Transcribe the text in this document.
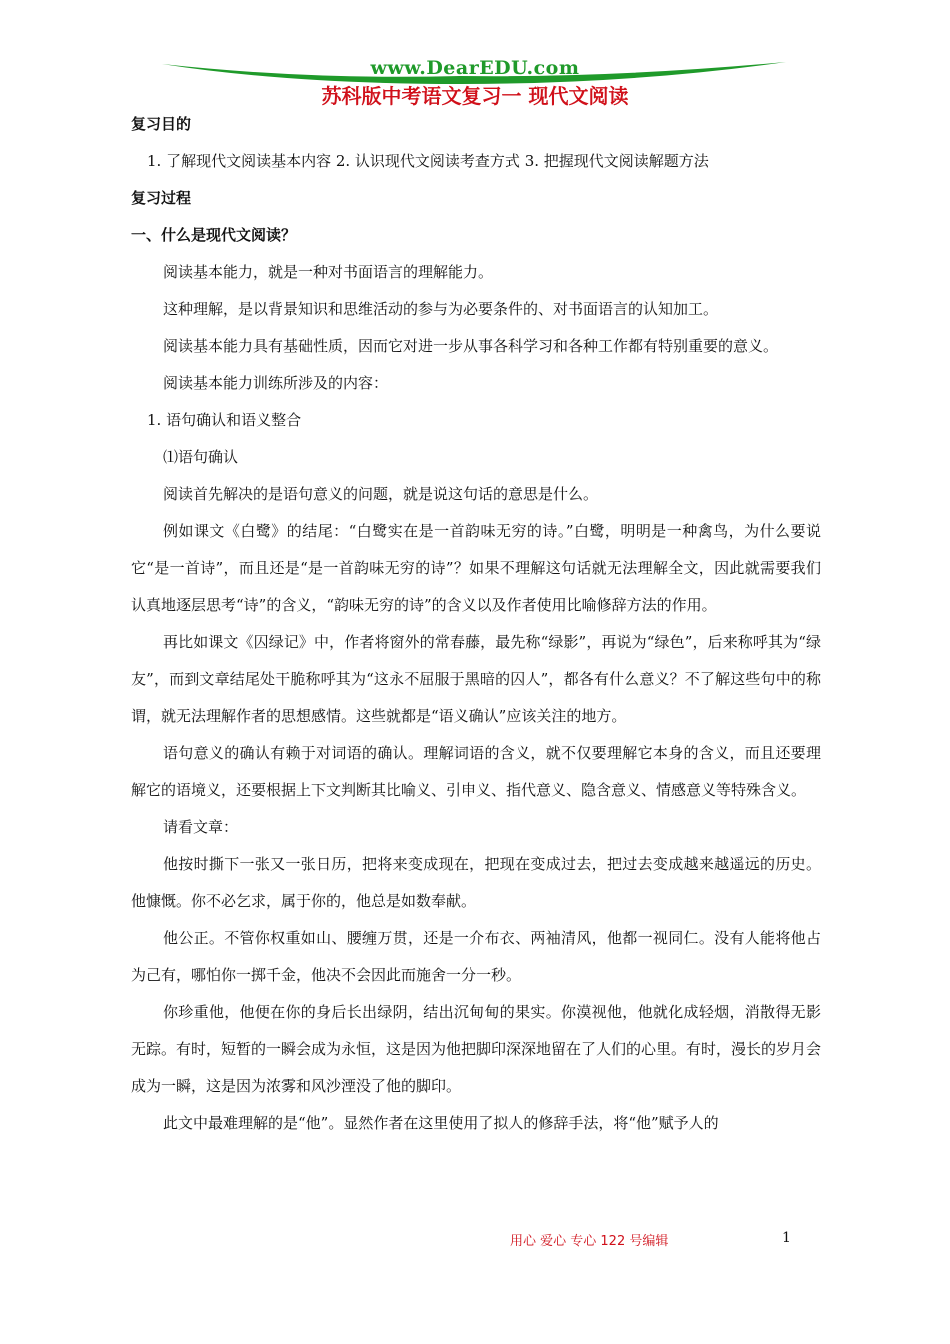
www.DearEDU.com
苏科版中考语文复习一 现代文阅读

复习目的

1. 了解现代文阅读基本内容 2. 认识现代文阅读考查方式 3. 把握现代文阅读解题方法

复习过程

一、什么是现代文阅读？

阅读基本能力，就是一种对书面语言的理解能力。

这种理解，是以背景知识和思维活动的参与为必要条件的、对书面语言的认知加工。

阅读基本能力具有基础性质，因而它对进一步从事各科学习和各种工作都有特别重要的意义。

阅读基本能力训练所涉及的内容：

1. 语句确认和语义整合

⑴语句确认

阅读首先解决的是语句意义的问题，就是说这句话的意思是什么。

例如课文《白鹭》的结尾：“白鹭实在是一首韵味无穷的诗。”白鹭，明明是一种禽鸟，为什么要说它“是一首诗”，而且还是“是一首韵味无穷的诗”？如果不理解这句话就无法理解全文，因此就需要我们认真地逐层思考“诗”的含义，“韵味无穷的诗”的含义以及作者使用比喻修辞方法的作用。

再比如课文《囚绿记》中，作者将窗外的常春藤，最先称“绿影”，再说为“绿色”，后来称呼其为“绿友”，而到文章结尾处干脆称呼其为“这永不屈服于黑暗的囚人”，都各有什么意义？不了解这些句中的称谓，就无法理解作者的思想感情。这些就都是“语义确认”应该关注的地方。

语句意义的确认有赖于对词语的确认。理解词语的含义，就不仅要理解它本身的含义，而且还要理解它的语境义，还要根据上下文判断其比喻义、引申义、指代意义、隐含意义、情感意义等特殊含义。

请看文章：

他按时撕下一张又一张日历，把将来变成现在，把现在变成过去，把过去变成越来越遥远的历史。他慷慨。你不必乞求，属于你的，他总是如数奉献。

他公正。不管你权重如山、腰缠万贯，还是一介布衣、两袖清风，他都一视同仁。没有人能将他占为己有，哪怕你一掷千金，他决不会因此而施舍一分一秒。

你珍重他，他便在你的身后长出绿阴，结出沉甸甸的果实。你漠视他，他就化成轻烟，消散得无影无踪。有时，短暂的一瞬会成为永恒，这是因为他把脚印深深地留在了人们的心里。有时，漫长的岁月会成为一瞬，这是因为浓雾和风沙湮没了他的脚印。

此文中最难理解的是“他”。显然作者在这里使用了拟人的修辞手法，将“他”赋予人的

用心 爱心 专心 122 号编辑	1
